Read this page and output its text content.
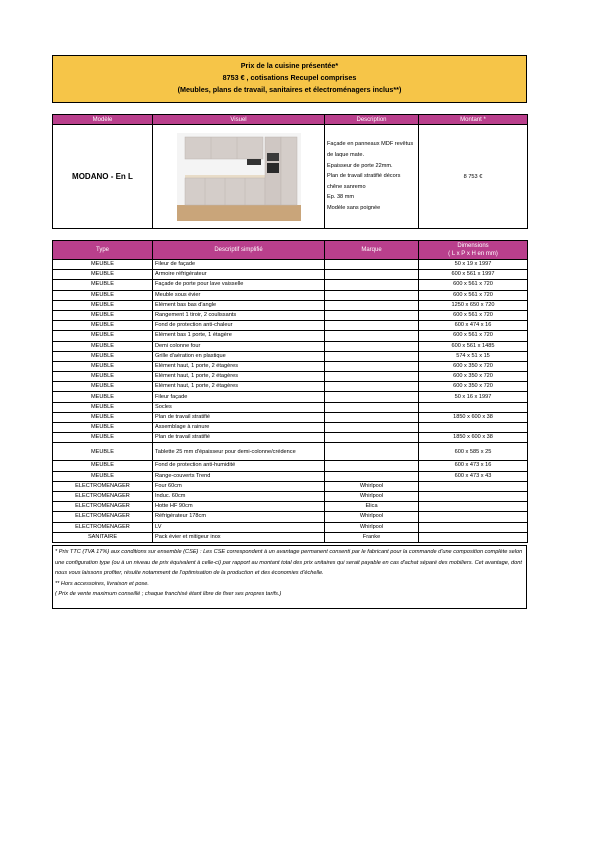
Prix de la cuisine présentée*
8753 € , cotisations Recupel comprises
(Meubles, plans de travail, sanitaires et électroménagers inclus**)
Modèle	Visuel	Description	Montant *
MODANO - En L		Façade en panneaux MDF revêtus de laque mate.
Epaisseur de porte 22mm.
Plan de travail stratifié décors chêne sanremo
Ep. 38 mm
Modèle sans poignée	8 753 €
Type	Descriptif simplifié	Marque	Dimensions
( L x P x H en mm)

MEUBLE	Fileur de façade		50 x 19 x 1997
MEUBLE	Armoire réfrigérateur		600 x 561 x 1997
MEUBLE	Façade de porte pour lave vaisselle		600 x 561 x 720
MEUBLE	Meuble sous évier		600 x 561 x 720
MEUBLE	Elément bas bas d'angle		1250 x 650 x 720
MEUBLE	Rangement 1 tiroir, 2 coulissants		600 x 561 x 720
MEUBLE	Fond de protection anti-chaleur		600 x 474 x 16
MEUBLE	Elément bas 1 porte, 1 étagère		600 x 561 x 720
MEUBLE	Demi colonne four		600 x 561 x 1485
MEUBLE	Grille d'aération en plastique		574 x 51 x 15
MEUBLE	Elément haut, 1 porte, 2 étagères		600 x 350 x 720
MEUBLE	Elément haut, 1 porte, 2 étagères		600 x 350 x 720
MEUBLE	Elément haut, 1 porte, 2 étagères		600 x 350 x 720
MEUBLE	Fileur façade		50 x 16 x 1997
MEUBLE	Socles		
MEUBLE	Plan de travail stratifié		1850 x 600 x 38
MEUBLE	Assemblage à rainure		
MEUBLE	Plan de travail stratifié		1850 x 600 x 38
MEUBLE	Tablette 25 mm d'épaisseur pour demi-colonne/crédence		600 x 585 x 25
MEUBLE	Fond de protection anti-humidité		600 x 473 x 16
MEUBLE	Range-couverts Trend		600 x 473 x 43
ELECTROMENAGER	Four 60cm	Whirlpool	
ELECTROMENAGER	Induc. 60cm	Whirlpool	
ELECTROMENAGER	Hotte HF 90cm	Elica	
ELECTROMENAGER	Réfrigérateur 178cm	Whirlpool	
ELECTROMENAGER	LV	Whirlpool	
SANITAIRE	Pack évier et mitigeur inox	Franke	

* Prix TTC (TVA 17%) aux conditions sur ensemble (CSE) : Les CSE correspondent à un avantage permanent consenti par le fabricant pour la commande d'une composition complète selon une configuration type (ou à un niveau de prix équivalent à celle-ci) par rapport au montant total des prix unitaires qui serait payable en cas d'achat séparé des mobiliers. Cet avantage, dont nous vous laissons profiter, résulte notamment de l'optimisation de la production et des économies d'échelle.

** Hors accessoires, livraison et pose.

( Prix de vente maximum conseillé ; chaque franchisé étant libre de fixer ses propres tarifs.)
